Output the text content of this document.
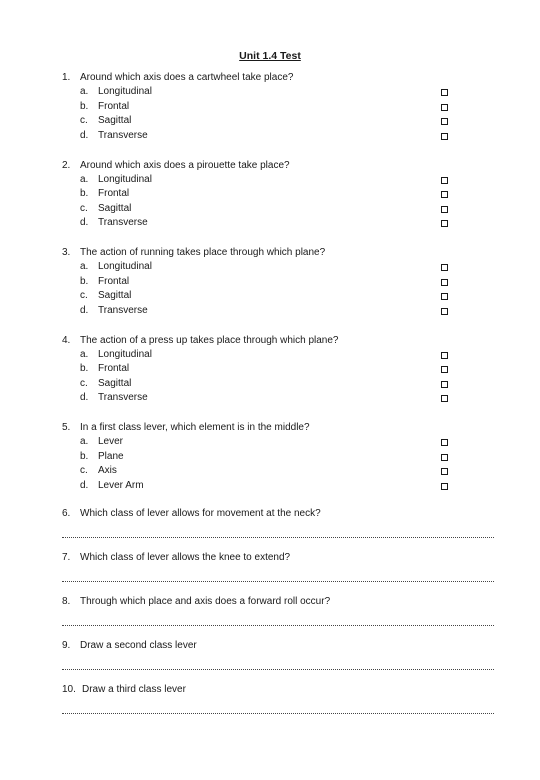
Unit 1.4 Test
1. Around which axis does a cartwheel take place?
a. Longitudinal
b. Frontal
c. Sagittal
d. Transverse
2. Around which axis does a pirouette take place?
a. Longitudinal
b. Frontal
c. Sagittal
d. Transverse
3. The action of running takes place through which plane?
a. Longitudinal
b. Frontal
c. Sagittal
d. Transverse
4. The action of a press up takes place through which plane?
a. Longitudinal
b. Frontal
c. Sagittal
d. Transverse
5. In a first class lever, which element is in the middle?
a. Lever
b. Plane
c. Axis
d. Lever Arm
6. Which class of lever allows for movement at the neck?
7. Which class of lever allows the knee to extend?
8. Through which place and axis does a forward roll occur?
9. Draw a second class lever
10. Draw a third class lever
